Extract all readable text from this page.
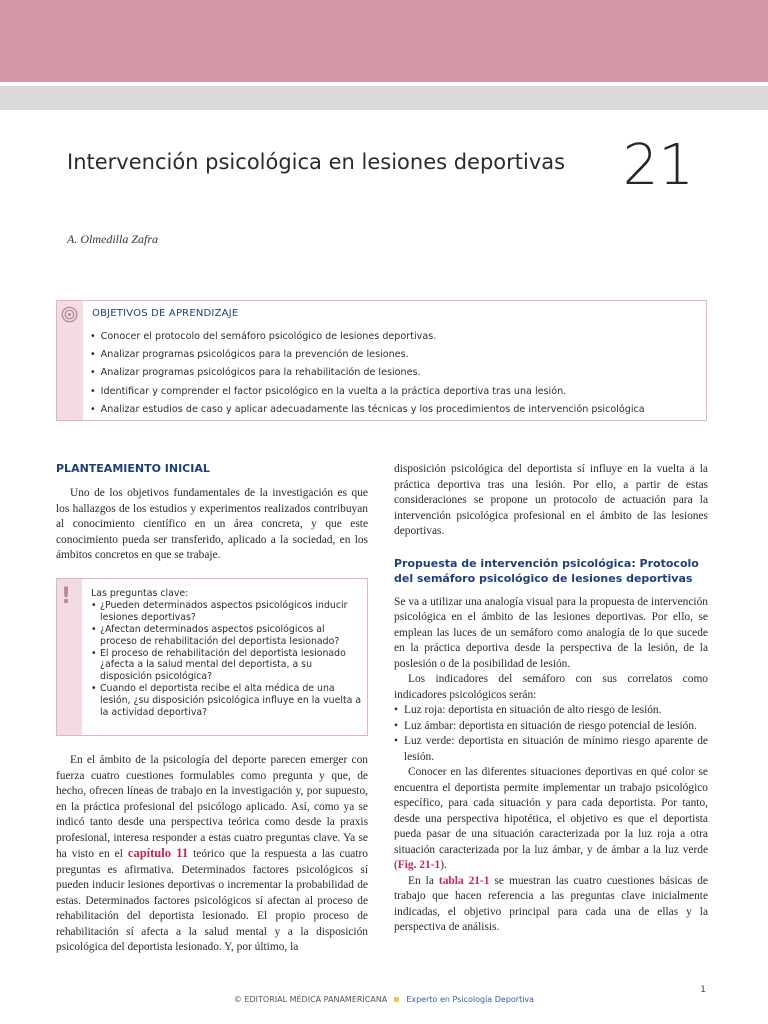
Intervención psicológica en lesiones deportivas	21
A. Olmedilla Zafra
OBJETIVOS DE APRENDIZAJE
• Conocer el protocolo del semáforo psicológico de lesiones deportivas.
• Analizar programas psicológicos para la prevención de lesiones.
• Analizar programas psicológicos para la rehabilitación de lesiones.
• Identificar y comprender el factor psicológico en la vuelta a la práctica deportiva tras una lesión.
• Analizar estudios de caso y aplicar adecuadamente las técnicas y los procedimientos de intervención psicológica
PLANTEAMIENTO INICIAL

Uno de los objetivos fundamentales de la investigación es que los hallazgos de los estudios y experimentos realizados contribuyan al conocimiento científico en un área concreta, y que este conocimiento pueda ser transferido, aplicado a la sociedad, en los ámbitos concretos en que se trabaje.

! Las preguntas clave:
• ¿Pueden determinados aspectos psicológicos inducir lesiones deportivas?
• ¿Afectan determinados aspectos psicológicos al proceso de rehabilitación del deportista lesionado?
• El proceso de rehabilitación del deportista lesionado ¿afecta a la salud mental del deportista, a su disposición psicológica?
• Cuando el deportista recibe el alta médica de una lesión, ¿su disposición psicológica influye en la vuelta a la actividad deportiva?

En el ámbito de la psicología del deporte parecen emerger con fuerza cuatro cuestiones formulables como pregunta y que, de hecho, ofrecen líneas de trabajo en la investigación y, por supuesto, en la práctica profesional del psicólogo aplicado. Así, como ya se indicó tanto desde una perspectiva teórica como desde la praxis profesional, interesa responder a estas cuatro preguntas clave. Ya se ha visto en el capítulo 11 teórico que la respuesta a las cuatro preguntas es afirmativa. Determinados factores psicológicos sí pueden inducir lesiones deportivas o incrementar la probabilidad de estas. Determinados factores psicológicos sí afectan al proceso de rehabilitación del deportista lesionado. El propio proceso de rehabilitación sí afecta a la salud mental y a la disposición psicológica del deportista lesionado. Y, por último, la

disposición psicológica del deportista sí influye en la vuelta a la práctica deportiva tras una lesión. Por ello, a partir de estas consideraciones se propone un protocolo de actuación para la intervención psicológica profesional en el ámbito de las lesiones deportivas.

Propuesta de intervención psicológica: Protocolo del semáforo psicológico de lesiones deportivas

Se va a utilizar una analogía visual para la propuesta de intervención psicológica en el ámbito de las lesiones deportivas. Por ello, se emplean las luces de un semáforo como analogía de lo que sucede en la práctica deportiva desde la perspectiva de la lesión, de la poslesión o de la posibilidad de lesión.

Los indicadores del semáforo con sus correlatos como indicadores psicológicos serán:

• Luz roja: deportista en situación de alto riesgo de lesión.
• Luz ámbar: deportista en situación de riesgo potencial de lesión.
• Luz verde: deportista en situación de mínimo riesgo aparente de lesión.

Conocer en las diferentes situaciones deportivas en qué color se encuentra el deportista permite implementar un trabajo psicológico específico, para cada situación y para cada deportista. Por tanto, desde una perspectiva hipotética, el objetivo es que el deportista pueda pasar de una situación caracterizada por la luz roja a otra situación caracterizada por la luz ámbar, y de ámbar a la luz verde (Fig. 21-1).

En la tabla 21-1 se muestran las cuatro cuestiones básicas de trabajo que hacen referencia a las preguntas clave inicialmente indicadas, el objetivo principal para cada una de ellas y la perspectiva de análisis.

1
© EDITORIAL MÉDICA PANAMERICANA Experto en Psicología Deportiva
